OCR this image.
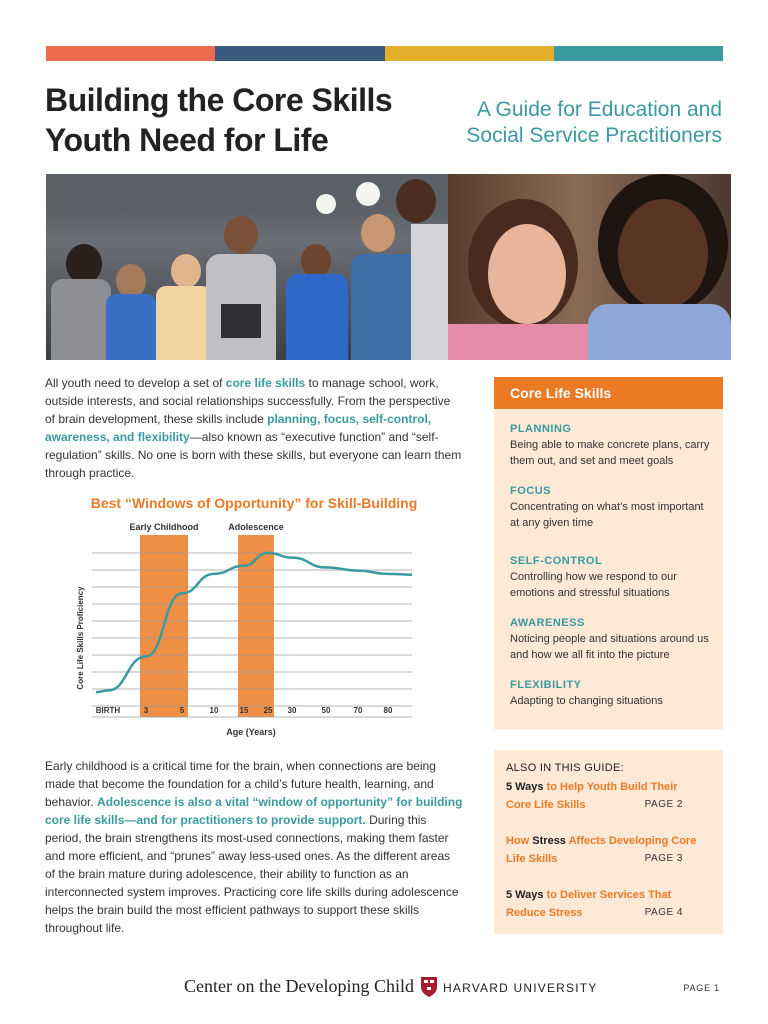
Building the Core Skills
Youth Need for Life
A Guide for Education and
Social Service Practitioners

All youth need to develop a set of core life skills to manage school, work, outside interests, and social relationships successfully. From the perspective of brain development, these skills include planning, focus, self-control, awareness, and flexibility—also known as “executive function” and “self-regulation” skills. No one is born with these skills, but everyone can learn them through practice.

Best “Windows of Opportunity” for Skill-Building
Early Childhood	Adolescence
BIRTH	3	5	10	15 25 30	50	70	80
Age (Years)
Core Life Skills Proficiency

Early childhood is a critical time for the brain, when connections are being made that become the foundation for a child’s future health, learning, and behavior. Adolescence is also a vital “window of opportunity” for building core life skills—and for practitioners to provide support. During this period, the brain strengthens its most-used connections, making them faster and more efficient, and “prunes” away less-used ones. As the different areas of the brain mature during adolescence, their ability to function as an interconnected system improves. Practicing core life skills during adolescence helps the brain build the most efficient pathways to support these skills throughout life.

Core Life Skills
PLANNING
Being able to make concrete plans, carry them out, and set and meet goals
FOCUS
Concentrating on what’s most important at any given time
SELF-CONTROL
Controlling how we respond to our emotions and stressful situations
AWARENESS
Noticing people and situations around us and how we all fit into the picture
FLEXIBILITY
Adapting to changing situations
ALSO IN THIS GUIDE:
5 Ways to Help Youth Build Their
Core Life Skills	PAGE 2
How Stress Affects Developing Core
Life Skills	PAGE 3
5 Ways to Deliver Services That
Reduce Stress	PAGE 4
Center on the Developing Child HARVARD UNIVERSITY	PAGE 1
